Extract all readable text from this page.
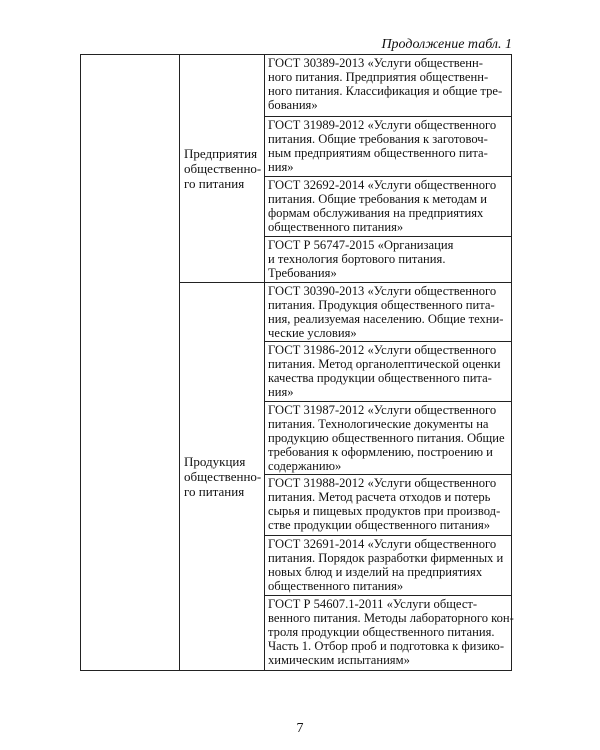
Продолжение табл. 1

	Предприятия
общественно-
го питания	ГОСТ 30389-2013 «Услуги общественн-
ного питания. Предприятия общественн-
ного питания. Классификация и общие тре-
бования»

		ГОСТ 31989-2012 «Услуги общественного
питания. Общие требования к заготовоч-
ным предприятиям общественного пита-
ния»

		ГОСТ 32692-2014 «Услуги общественного
питания. Общие требования к методам и
формам обслуживания на предприятиях
общественного питания»

		ГОСТ Р 56747-2015 «Организация
и технология бортового питания.
Требования»

	Продукция
общественно-
го питания	ГОСТ 30390-2013 «Услуги общественного
питания. Продукция общественного пита-
ния, реализуемая населению. Общие техни-
ческие условия»

		ГОСТ 31986-2012 «Услуги общественного
питания. Метод органолептической оценки
качества продукции общественного пита-
ния»

		ГОСТ 31987-2012 «Услуги общественного
питания. Технологические документы на
продукцию общественного питания. Общие
требования к оформлению, построению и
содержанию»

		ГОСТ 31988-2012 «Услуги общественного
питания. Метод расчета отходов и потерь
сырья и пищевых продуктов при производ-
стве продукции общественного питания»

		ГОСТ 32691-2014 «Услуги общественного
питания. Порядок разработки фирменных и
новых блюд и изделий на предприятиях
общественного питания»

		ГОСТ Р 54607.1-2011 «Услуги общест-
венного питания. Методы лабораторного кон-
троля продукции общественного питания.
Часть 1. Отбор проб и подготовка к физико-
химическим испытаниям»
7
